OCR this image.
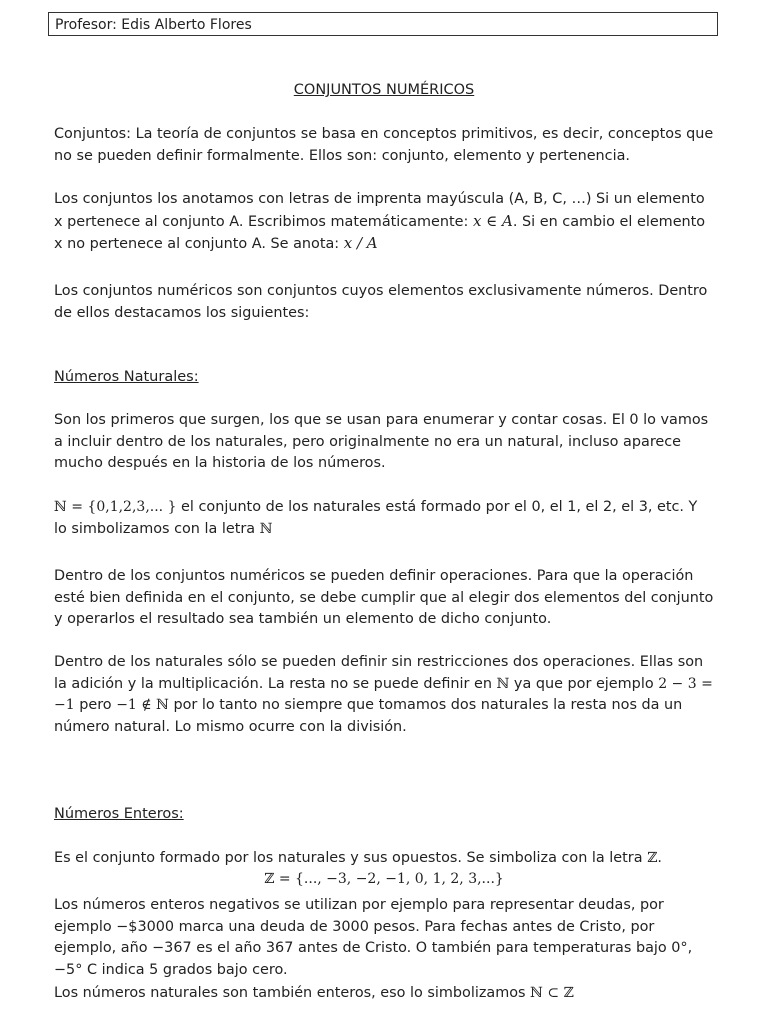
Profesor: Edis Alberto Flores
CONJUNTOS NUMÉRICOS

Conjuntos: La teoría de conjuntos se basa en conceptos primitivos, es decir, conceptos que no se pueden definir formalmente. Ellos son: conjunto, elemento y pertenencia.

Los conjuntos los anotamos con letras de imprenta mayúscula (A, B, C, …) Si un elemento x pertenece al conjunto A. Escribimos matemáticamente: x ∈ A. Si en cambio el elemento x no pertenece al conjunto A. Se anota: x ∕ A

Los conjuntos numéricos son conjuntos cuyos elementos exclusivamente números. Dentro de ellos destacamos los siguientes:

Números Naturales:

Son los primeros que surgen, los que se usan para enumerar y contar cosas. El 0 lo vamos a incluir dentro de los naturales, pero originalmente no era un natural, incluso aparece mucho después en la historia de los números.

ℕ = {0,1,2,3,... } el conjunto de los naturales está formado por el 0, el 1, el 2, el 3, etc. Y lo simbolizamos con la letra ℕ

Dentro de los conjuntos numéricos se pueden definir operaciones. Para que la operación esté bien definida en el conjunto, se debe cumplir que al elegir dos elementos del conjunto y operarlos el resultado sea también un elemento de dicho conjunto.

Dentro de los naturales sólo se pueden definir sin restricciones dos operaciones. Ellas son la adición y la multiplicación. La resta no se puede definir en ℕ ya que por ejemplo 2 − 3 = −1 pero −1 ∉ ℕ por lo tanto no siempre que tomamos dos naturales la resta nos da un número natural. Lo mismo ocurre con la división.

Números Enteros:

Es el conjunto formado por los naturales y sus opuestos. Se simboliza con la letra ℤ.

ℤ = {..., −3, −2, −1, 0, 1, 2, 3,...}

Los números enteros negativos se utilizan por ejemplo para representar deudas, por ejemplo −$3000 marca una deuda de 3000 pesos. Para fechas antes de Cristo, por ejemplo, año −367 es el año 367 antes de Cristo. O también para temperaturas bajo 0°, −5° C indica 5 grados bajo cero.

Los números naturales son también enteros, eso lo simbolizamos ℕ ⊂ ℤ
